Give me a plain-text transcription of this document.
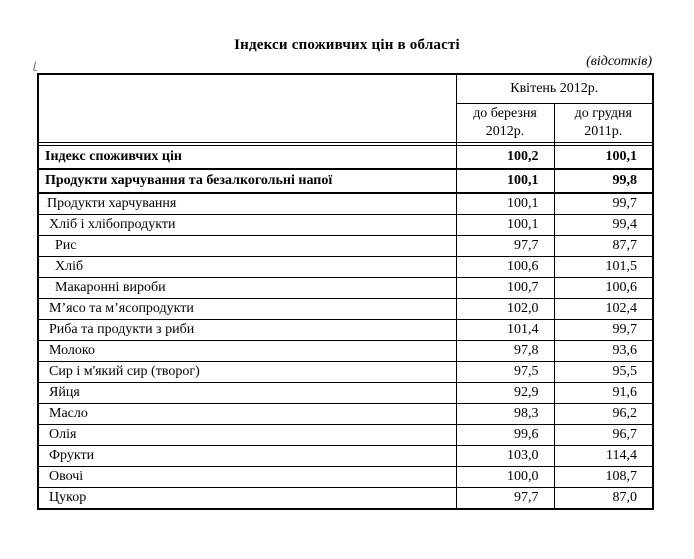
Індекси споживчих цін в області
(відсотків)
	Квітень 2012р.	
	до березня 2012р.	до грудня 2011р.

Індекс споживчих цін	100,2	100,1
Продукти харчування та безалкогольні напої	100,1	99,8
Продукти харчування	100,1	99,7
Хліб і хлібопродукти	100,1	99,4
Рис	97,7	87,7
Хліб	100,6	101,5
Макаронні вироби	100,7	100,6
М’ясо та м’ясопродукти	102,0	102,4
Риба та продукти з риби	101,4	99,7
Молоко	97,8	93,6
Сир і м'який сир (творог)	97,5	95,5
Яйця	92,9	91,6
Масло	98,3	96,2
Олія	99,6	96,7
Фрукти	103,0	114,4
Овочі	100,0	108,7
Цукор	97,7	87,0
